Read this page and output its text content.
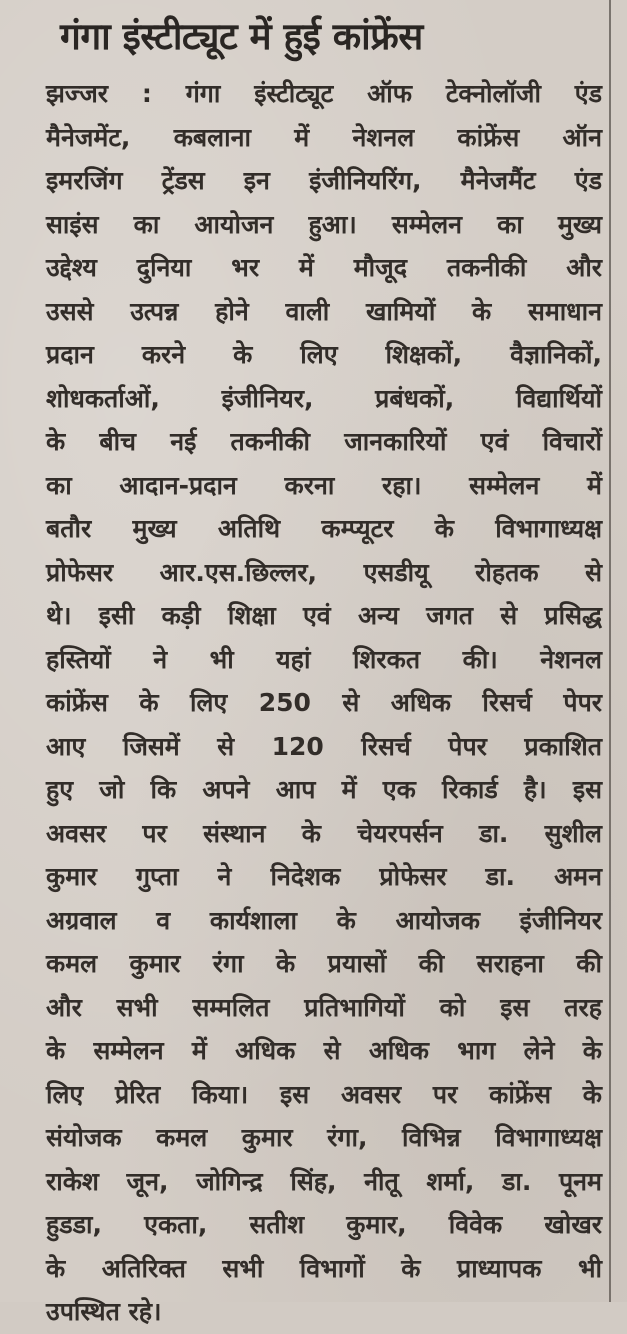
गंगा इंस्टीट्यूट में हुई कांफ्रेंस
झज्जर : गंगा इंस्टीट्यूट ऑफ टेक्नोलॉजी एंड
मैनेजमेंट, कबलाना में नेशनल कांफ्रेंस ऑन
इमरजिंग ट्रेंडस इन इंजीनियरिंग, मैनेजमैंट एंड
साइंस का आयोजन हुआ। सम्मेलन का मुख्य
उद्देश्य दुनिया भर में मौजूद तकनीकी और
उससे उत्पन्न होने वाली खामियों के समाधान
प्रदान करने के लिए शिक्षकों, वैज्ञानिकों,
शोधकर्ताओं, इंजीनियर, प्रबंधकों, विद्यार्थियों
के बीच नई तकनीकी जानकारियों एवं विचारों
का आदान-प्रदान करना रहा। सम्मेलन में
बतौर मुख्य अतिथि कम्प्यूटर के विभागाध्यक्ष
प्रोफेसर आर.एस.छिल्लर, एसडीयू रोहतक से
थे। इसी कड़ी शिक्षा एवं अन्य जगत से प्रसिद्ध
हस्तियों ने भी यहां शिरकत की। नेशनल
कांफ्रेंस के लिए 250 से अधिक रिसर्च पेपर
आए जिसमें से 120 रिसर्च पेपर प्रकाशित
हुए जो कि अपने आप में एक रिकार्ड है। इस
अवसर पर संस्थान के चेयरपर्सन डा. सुशील
कुमार गुप्ता ने निदेशक प्रोफेसर डा. अमन
अग्रवाल व कार्यशाला के आयोजक इंजीनियर
कमल कुमार रंगा के प्रयासों की सराहना की
और सभी सम्मलित प्रतिभागियों को इस तरह
के सम्मेलन में अधिक से अधिक भाग लेने के
लिए प्रेरित किया। इस अवसर पर कांफ्रेंस के
संयोजक कमल कुमार रंगा, विभिन्न विभागाध्यक्ष
राकेश जून, जोगिन्द्र सिंह, नीतू शर्मा, डा. पूनम
हुडडा, एकता, सतीश कुमार, विवेक खोखर
के अतिरिक्त सभी विभागों के प्राध्यापक भी
उपस्थित रहे।
